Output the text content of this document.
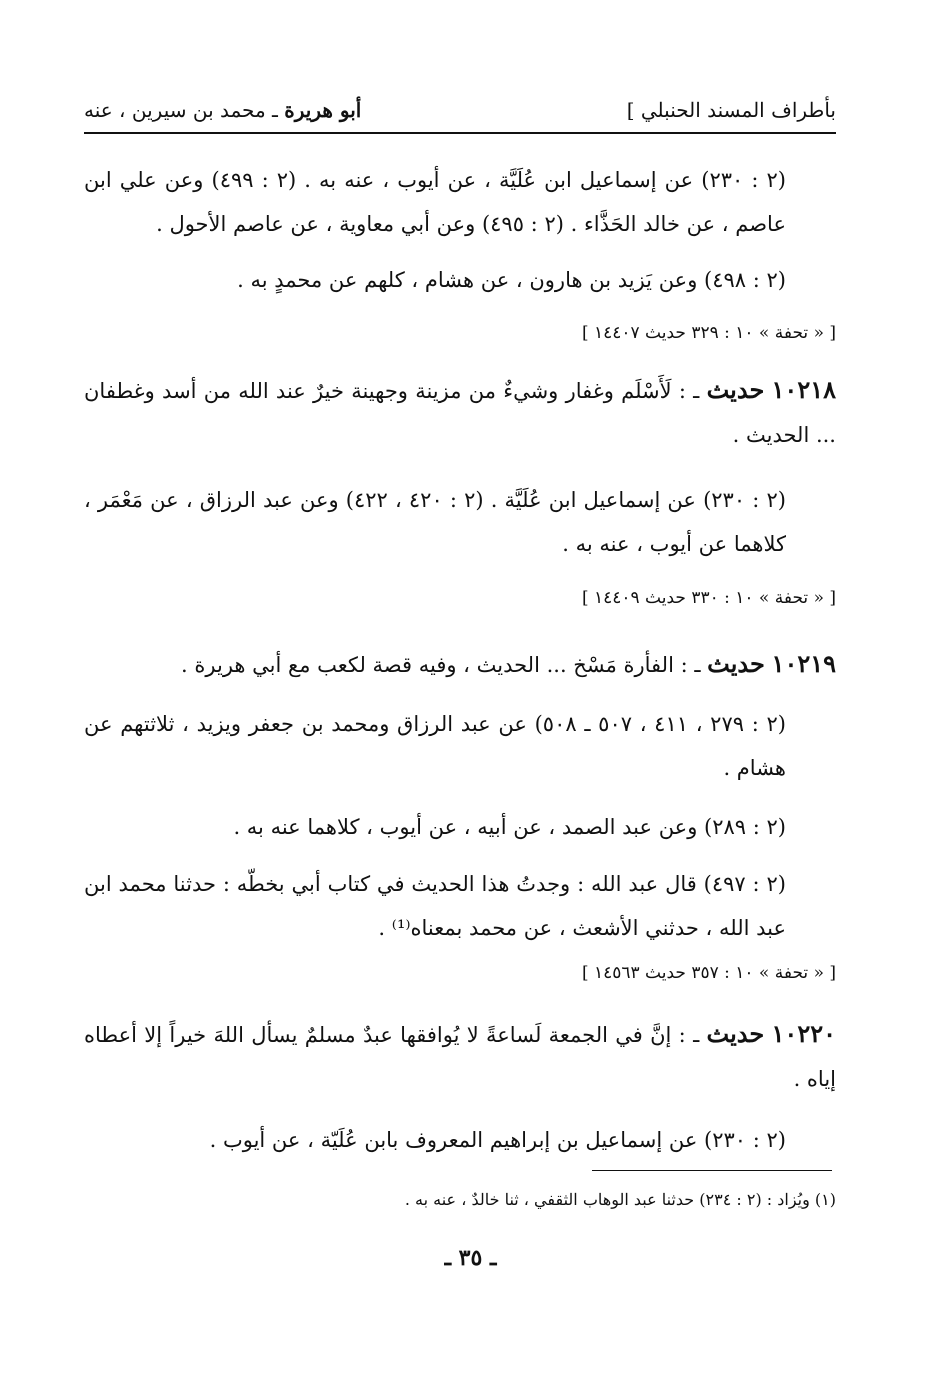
بأطراف المسند الحنبلي ]
أبو هريرة ـ محمد بن سيرين ، عنه

(٢ : ٢٣٠) عن إسماعيل ابن عُلَيَّة ، عن أيوب ، عنه به . (٢ : ٤٩٩) وعن علي ابن عاصم ، عن خالد الحَذَّاء . (٢ : ٤٩٥) وعن أبي معاوية ، عن عاصم الأحول .

(٢ : ٤٩٨) وعن يَزيد بن هارون ، عن هشام ، كلهم عن محمدٍ به .

[ « تحفة » ١٠ : ٣٢٩ حديث ١٤٤٠٧ ]

١٠٢١٨ حديث ـ : لَأَسْلَم وغفار وشيءٌ من مزينة وجهينة خيرٌ عند الله من أسد وغطفان ... الحديث .

(٢ : ٢٣٠) عن إسماعيل ابن عُلَيَّة . (٢ : ٤٢٠ ، ٤٢٢) وعن عبد الرزاق ، عن مَعْمَر ، كلاهما عن أيوب ، عنه به .

[ « تحفة » ١٠ : ٣٣٠ حديث ١٤٤٠٩ ]

١٠٢١٩ حديث ـ : الفأرة مَسْخ ... الحديث ، وفيه قصة لكعب مع أبي هريرة .

(٢ : ٢٧٩ ، ٤١١ ، ٥٠٧ ـ ٥٠٨) عن عبد الرزاق ومحمد بن جعفر ويزيد ، ثلاثتهم عن هشام .

(٢ : ٢٨٩) وعن عبد الصمد ، عن أبيه ، عن أيوب ، كلاهما عنه به .

(٢ : ٤٩٧) قال عبد الله : وجدتُ هذا الحديث في كتاب أبي بخطّه : حدثنا محمد ابن عبد الله ، حدثني الأشعث ، عن محمد بمعناه⁽¹⁾ .

[ « تحفة » ١٠ : ٣٥٧ حديث ١٤٥٦٣ ]

١٠٢٢٠ حديث ـ : إنَّ في الجمعة لَساعةً لا يُوافقها عبدٌ مسلمٌ يسأل اللهَ خيراً إلا أعطاه إياه .

(٢ : ٢٣٠) عن إسماعيل بن إبراهيم المعروف بابن عُلَيّة ، عن أيوب .

(١) ويُزاد : (٢ : ٢٣٤) حدثنا عبد الوهاب الثقفي ، ثنا خالدٌ ، عنه به .
ـ ٣٥ ـ
